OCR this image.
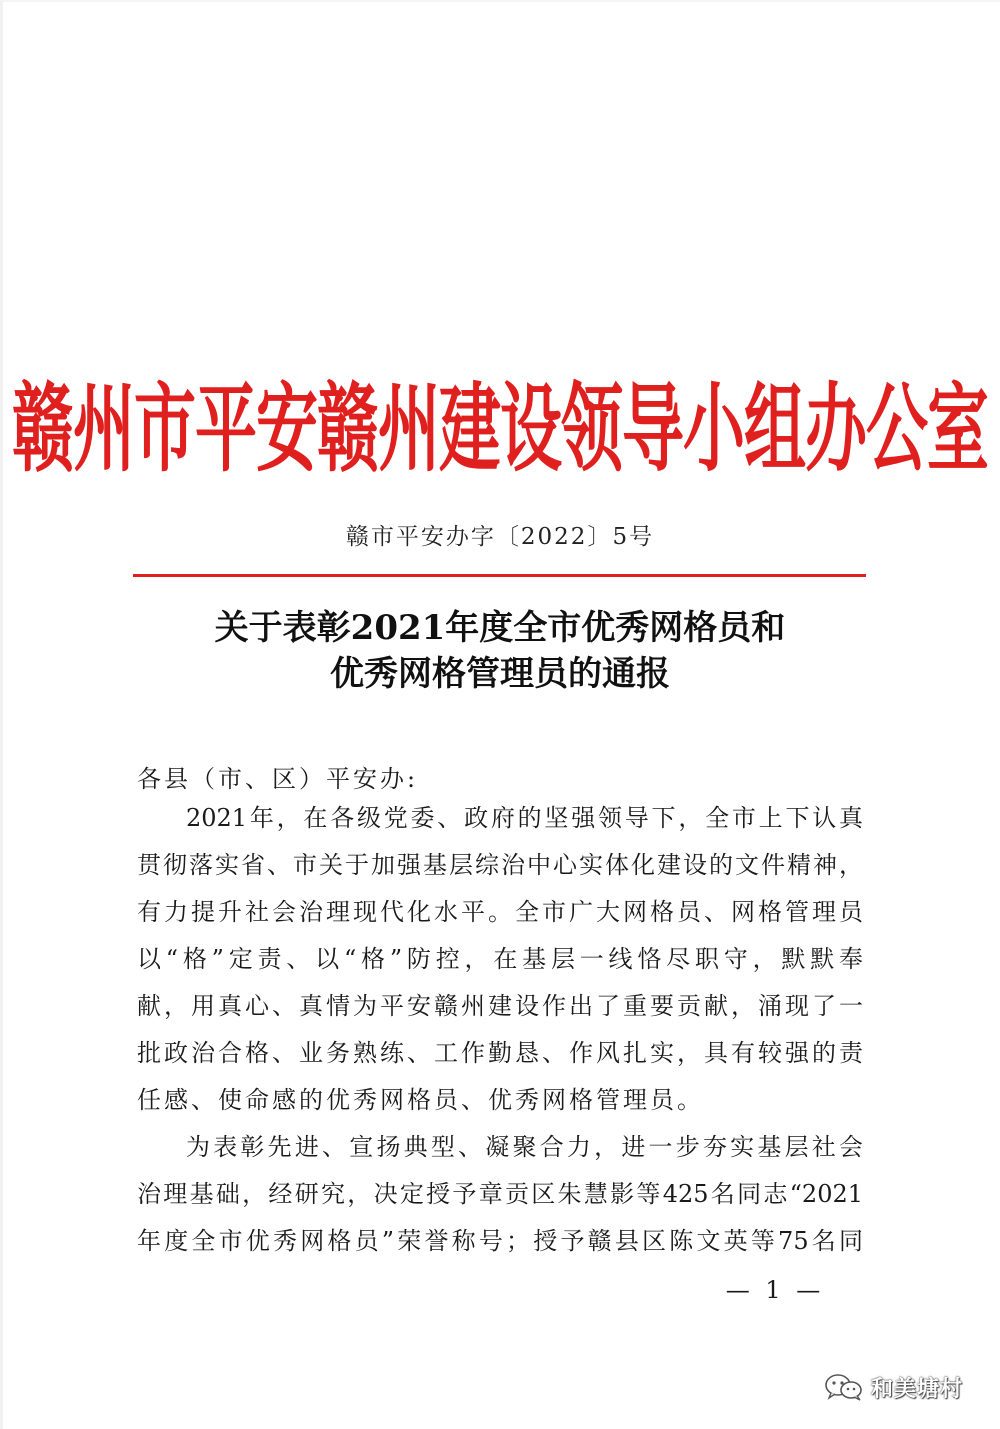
赣州市平安赣州建设领导小组办公室
赣市平安办字〔2022〕5号
关于表彰2021年度全市优秀网格员和
优秀网格管理员的通报
各县（市、区）平安办:
2021年，在各级党委、政府的坚强领导下，全市上下认真
贯彻落实省、市关于加强基层综治中心实体化建设的文件精神，
有力提升社会治理现代化水平。全市广大网格员、网格管理员
以“格”定责、以“格”防控，在基层一线恪尽职守，默默奉
献，用真心、真情为平安赣州建设作出了重要贡献，涌现了一
批政治合格、业务熟练、工作勤恳、作风扎实，具有较强的责
任感、使命感的优秀网格员、优秀网格管理员。
为表彰先进、宣扬典型、凝聚合力，进一步夯实基层社会
治理基础，经研究，决定授予章贡区朱慧影等425名同志“2021
年度全市优秀网格员”荣誉称号；授予赣县区陈文英等75名同
— 1 —
和美塘村
